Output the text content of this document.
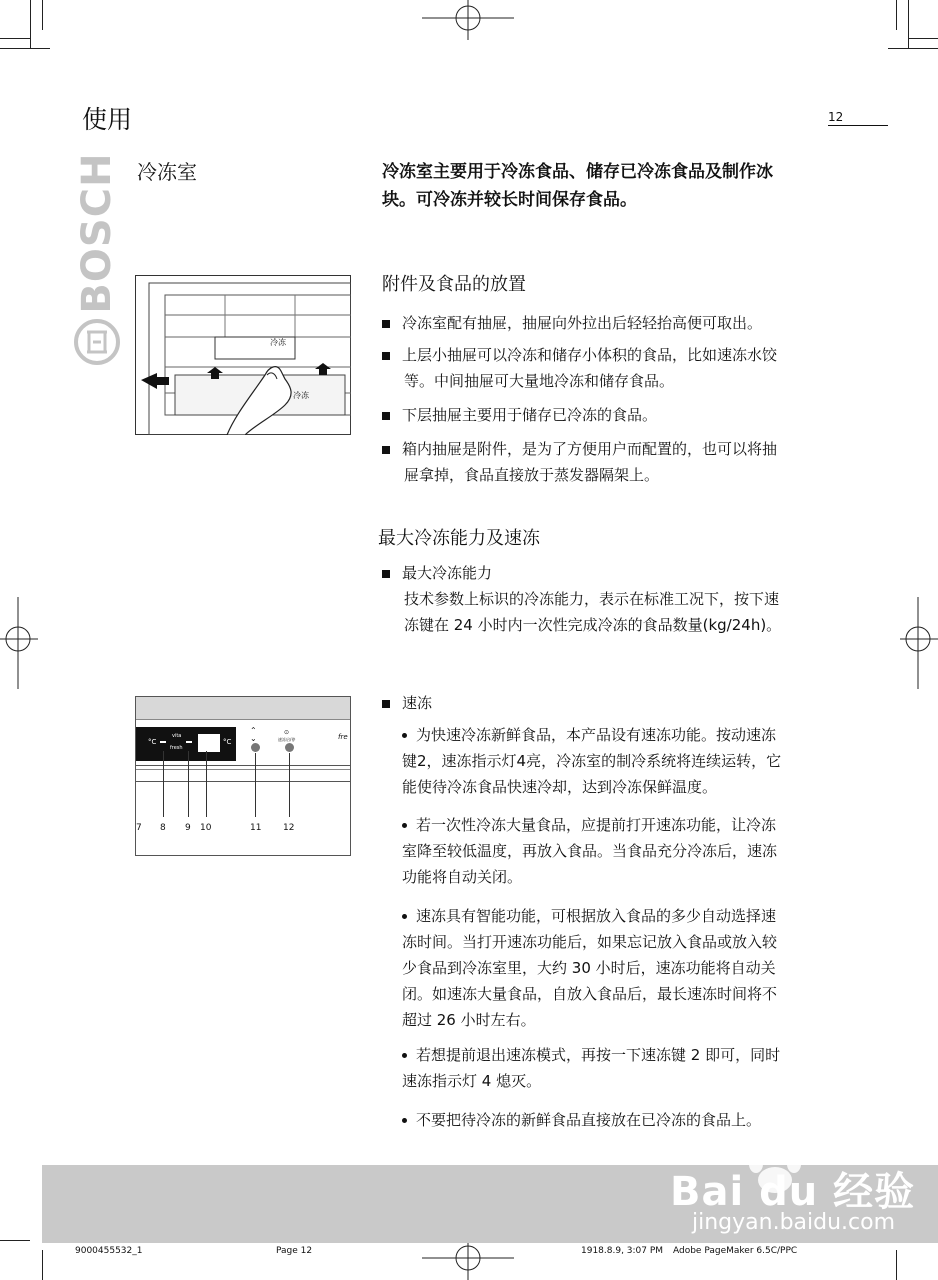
使用	12
BOSCH 冷冻室	冷冻室主要用于冷冻食品、储存已冷冻食品及制作冰
块。可冷冻并较长时间保存食品。
冷冻
冷冻
附件及食品的放置
冷冻室配有抽屉，抽屉向外拉出后轻轻抬高便可取出。
上层小抽屉可以冷冻和储存小体积的食品，比如速冻水饺
等。中间抽屉可大量地冷冻和储存食品。
下层抽屉主要用于储存已冷冻的食品。
箱内抽屉是附件，是为了方便用户而配置的，也可以将抽
屉拿掉，食品直接放于蒸发器隔架上。
最大冷冻能力及速冻
最大冷冻能力
技术参数上标识的冷冻能力，表示在标准工况下，按下速
冻键在 24 小时内一次性完成冷冻的食品数量(kg/24h)。
°C
vita
fresh
°C
⌃
⌄
⊙
速冻启/停	fre
7 8 9 10	11 12
速冻
为快速冷冻新鲜食品，本产品设有速冻功能。按动速冻
键2，速冻指示灯4亮，冷冻室的制冷系统将连续运转，它
能使待冷冻食品快速冷却，达到冷冻保鲜温度。
若一次性冷冻大量食品，应提前打开速冻功能，让冷冻
室降至较低温度，再放入食品。当食品充分冷冻后，速冻
功能将自动关闭。
速冻具有智能功能，可根据放入食品的多少自动选择速
冻时间。当打开速冻功能后，如果忘记放入食品或放入较
少食品到冷冻室里，大约 30 小时后，速冻功能将自动关
闭。如速冻大量食品，自放入食品后，最长速冻时间将不
超过 26 小时左右。
若想提前退出速冻模式，再按一下速冻键 2 即可，同时
速冻指示灯 4 熄灭。
不要把待冷冻的新鲜食品直接放在已冷冻的食品上。
Bai du 经验
jingyan.baidu.com
9000455532_1	Page 12	1918.8.9, 3:07 PM Adobe PageMaker 6.5C/PPC
